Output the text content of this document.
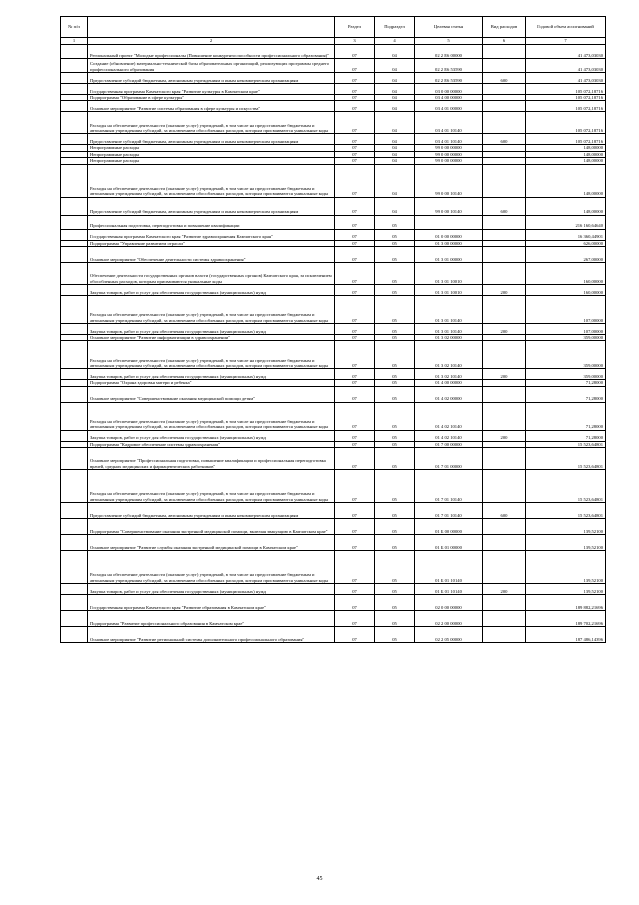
№ п/п		Раздел	Подраздел	Целевая статья	Вид расходов	Годовой объем ассигнований
1	2	3	4	5	6	7
	Региональный проект "Молодые профессионалы (Повышение конкурентоспособности профессионального образования)"	07	04	02 2 E6 00000		41 473,03030
	Создание (обновление) материально-технической базы образовательных организаций, реализующих программы среднего профессионального образования	07	04	02 2 E6 53590		41 473,03030
	Предоставление субсидий бюджетным, автономным учреждениям и иным некоммерческим организациям	07	04	02 2 E6 53590	600	41 473,03030
	Государственная программа Камчатского края "Развитие культуры в Камчатском крае"	07	04	03 0 00 00000		105 072,18716
	Подпрограмма "Образование в сфере культуры"	07	04	03 4 00 00000		105 072,18716
	Основное мероприятие "Развитие системы образования в сфере культуры и искусства"	07	04	03 4 01 00000		105 072,18716
	Расходы на обеспечение деятельности (оказание услуг) учреждений, в том числе на предоставление бюджетным и автономным учреждениям субсидий, за исключением обособленных расходов, которым присваиваются уникальные коды	07	04	03 4 01 10140		105 072,18716
	Предоставление субсидий бюджетным, автономным учреждениям и иным некоммерческим организациям	07	04	03 4 01 10140	600	105 072,18716
	Непрограммные расходы	07	04	99 0 00 00000		148,00000
	Непрограммные расходы	07	04	99 0 00 00000		148,00000
	Непрограммные расходы	07	04	99 0 00 00000		148,00000
	Расходы на обеспечение деятельности (оказание услуг) учреждений, в том числе на предоставление бюджетным и автономным учреждениям субсидий, за исключением обособленных расходов, которым присваиваются уникальные коды	07	04	99 0 00 10140		148,00000
	Предоставление субсидий бюджетным, автономным учреждениям и иным некоммерческим организациям	07	04	99 0 00 10140	600	148,00000
	Профессиональная подготовка, переподготовка и повышение квалификации	07	05			216 160,64640
	Государственная программа Камчатского края "Развитие здравоохранения Камчатского края"	07	05	01 0 00 00000		16 360,44901
	Подпрограмма "Управление развитием отрасли"	07	05	01 3 00 00000		626,00000
	Основное мероприятие "Обеспечение деятельности системы здравоохранения"	07	05	01 3 01 00000		267,00000
	Обеспечение деятельности государственных органов власти (государственных органов) Камчатского края, за исключением обособленных расходов, которым присваиваются уникальные коды	07	05	01 3 01 10010		160,00000
	Закупка товаров, работ и услуг для обеспечения государственных (муниципальных) нужд	07	05	01 3 01 10010	200	160,00000
	Расходы на обеспечение деятельности (оказание услуг) учреждений, в том числе на предоставление бюджетным и автономным учреждениям субсидий, за исключением обособленных расходов, которым присваиваются уникальные коды	07	05	01 3 01 10140		107,00000
	Закупка товаров, работ и услуг для обеспечения государственных (муниципальных) нужд	07	05	01 3 01 10140	200	107,00000
	Основное мероприятие "Развитие информатизации в здравоохранении"	07	05	01 3 02 00000		359,00000
	Расходы на обеспечение деятельности (оказание услуг) учреждений, в том числе на предоставление бюджетным и автономным учреждениям субсидий, за исключением обособленных расходов, которым присваиваются уникальные коды	07	05	01 3 02 10140		359,00000
	Закупка товаров, работ и услуг для обеспечения государственных (муниципальных) нужд	07	05	01 3 02 10140	200	359,00000
	Подпрограмма "Охрана здоровья матери и ребенка"	07	05	01 4 00 00000		71,28000
	Основное мероприятие "Совершенствование оказания медицинской помощи детям"	07	05	01 4 02 00000		71,28000
	Расходы на обеспечение деятельности (оказание услуг) учреждений, в том числе на предоставление бюджетным и автономным учреждениям субсидий, за исключением обособленных расходов, которым присваиваются уникальные коды	07	05	01 4 02 10140		71,28000
	Закупка товаров, работ и услуг для обеспечения государственных (муниципальных) нужд	07	05	01 4 02 10140	200	71,28000
	Подпрограмма "Кадровое обеспечение системы здравоохранения"	07	05	01 7 00 00000		15 523,64801
	Основное мероприятие "Профессиональная подготовка, повышение квалификации и профессиональная переподготовка врачей, средних медицинских и фармацевтических работников"	07	05	01 7 01 00000		15 523,64801
	Расходы на обеспечение деятельности (оказание услуг) учреждений, в том числе на предоставление бюджетным и автономным учреждениям субсидий, за исключением обособленных расходов, которым присваиваются уникальные коды	07	05	01 7 01 10140		15 523,64801
	Предоставление субсидий бюджетным, автономным учреждениям и иным некоммерческим организациям	07	05	01 7 01 10140	600	15 523,64801
	Подпрограмма "Совершенствование оказания экстренной медицинской помощи, включая эвакуацию в Камчатском крае"	07	05	01 Б 00 00000		139,52100
	Основное мероприятие "Развитие службы оказания экстренной медицинской помощи в Камчатском крае"	07	05	01 Б 01 00000		139,52100
	Расходы на обеспечение деятельности (оказание услуг) учреждений, в том числе на предоставление бюджетным и автономным учреждениям субсидий, за исключением обособленных расходов, которым присваиваются уникальные коды	07	05	01 Б 01 10140		139,52100
	Закупка товаров, работ и услуг для обеспечения государственных (муниципальных) нужд	07	05	01 Б 01 10140	200	139,52100
	Государственная программа Камчатского края "Развитие образования в Камчатском крае"	07	05	02 0 00 00000		189 882,21696
	Подпрограмма "Развитие профессионального образования в Камчатском крае"	07	05	02 2 00 00000		189 702,21696
	Основное мероприятие "Развитие региональной системы дополнительного профессионального образования"	07	05	02 2 05 00000		187 486,14396
45
